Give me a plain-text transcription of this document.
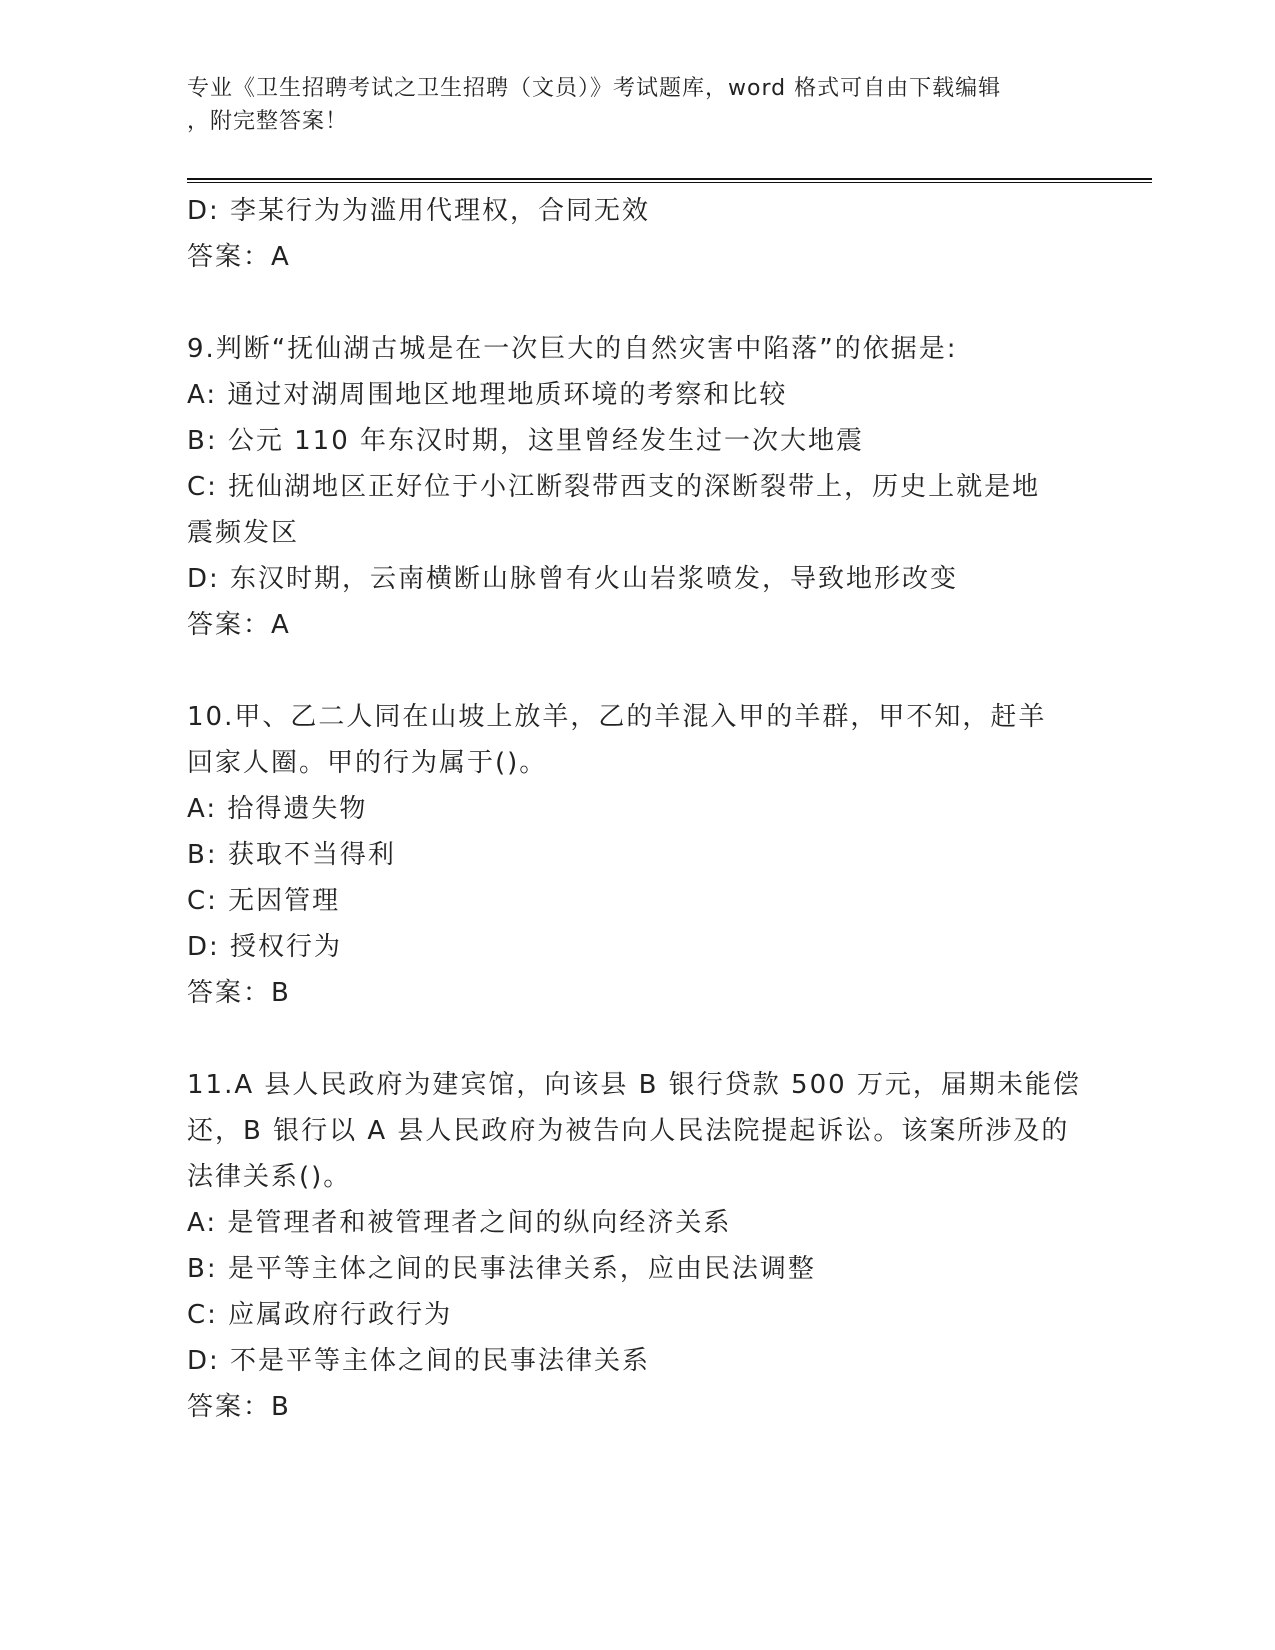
专业《卫生招聘考试之卫生招聘（文员）》考试题库，word 格式可自由下载编辑
，附完整答案！
D: 李某行为为滥用代理权，合同无效
答案：A
9.判断“抚仙湖古城是在一次巨大的自然灾害中陷落”的依据是:
A: 通过对湖周围地区地理地质环境的考察和比较
B: 公元 110 年东汉时期，这里曾经发生过一次大地震
C: 抚仙湖地区正好位于小江断裂带西支的深断裂带上，历史上就是地
震频发区
D: 东汉时期，云南横断山脉曾有火山岩浆喷发，导致地形改变
答案：A
10.甲、乙二人同在山坡上放羊，乙的羊混入甲的羊群，甲不知，赶羊
回家人圈。甲的行为属于()。
A: 拾得遗失物
B: 获取不当得利
C: 无因管理
D: 授权行为
答案：B
11.A 县人民政府为建宾馆，向该县 B 银行贷款 500 万元，届期未能偿
还，B 银行以 A 县人民政府为被告向人民法院提起诉讼。该案所涉及的
法律关系()。
A: 是管理者和被管理者之间的纵向经济关系
B: 是平等主体之间的民事法律关系，应由民法调整
C: 应属政府行政行为
D: 不是平等主体之间的民事法律关系
答案：B
